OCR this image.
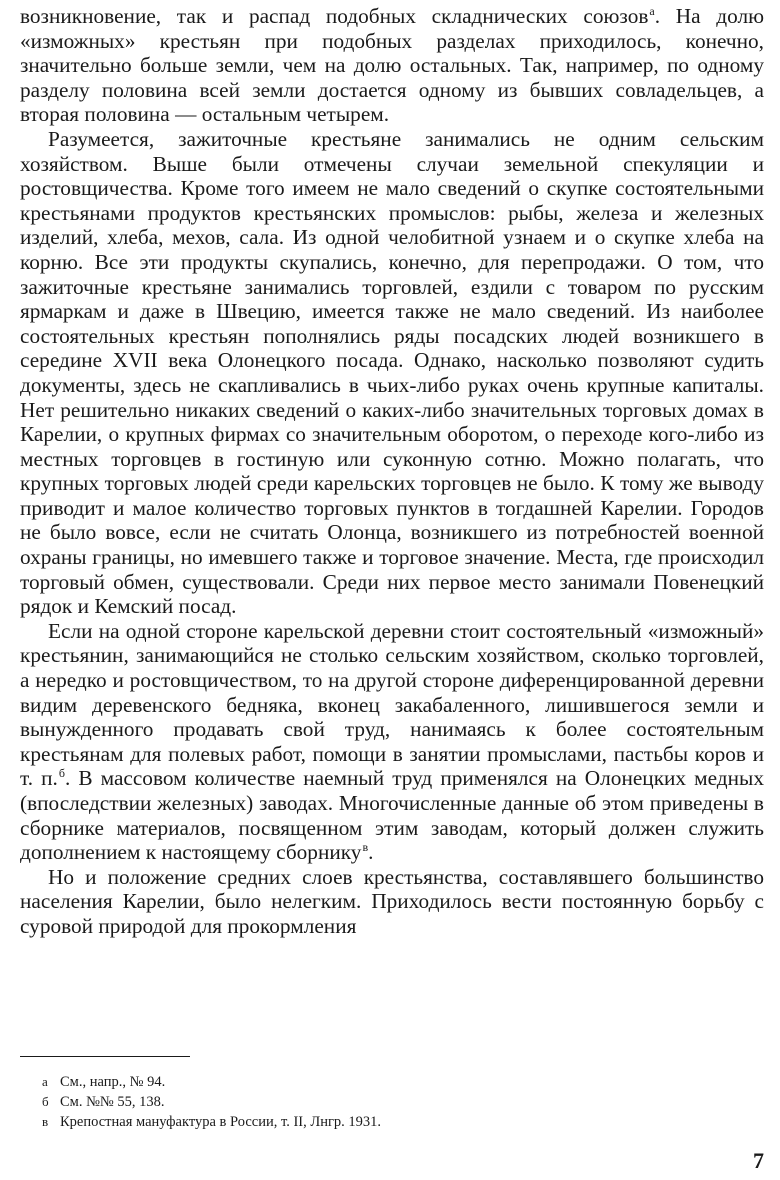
возникновение, так и распад подобных складнических союзов$^а$. На долю «изможных» крестьян при подобных разделах приходилось, конечно, значительно больше земли, чем на долю остальных. Так, например, по одному разделу половина всей земли достается одному из бывших совладельцев, а вторая половина — остальным четырем.

Разумеется, зажиточные крестьяне занимались не одним сельским хозяйством. Выше были отмечены случаи земельной спекуляции и ростовщичества. Кроме того имеем не мало сведений о скупке состоятельными крестьянами продуктов крестьянских промыслов: рыбы, железа и железных изделий, хлеба, мехов, сала. Из одной челобитной узнаем и о скупке хлеба на корню. Все эти продукты скупались, конечно, для перепродажи. О том, что зажиточные крестьяне занимались торговлей, ездили с товаром по русским ярмаркам и даже в Швецию, имеется также не мало сведений. Из наиболее состоятельных крестьян пополнялись ряды посадских людей возникшего в середине XVII века Олонецкого посада. Однако, насколько позволяют судить документы, здесь не скапливались в чьих-либо руках очень крупные капиталы. Нет решительно никаких сведений о каких-либо значительных торговых домах в Карелии, о крупных фирмах со значительным оборотом, о переходе кого-либо из местных торговцев в гостиную или суконную сотню. Можно полагать, что крупных торговых людей среди карельских торговцев не было. К тому же выводу приводит и малое количество торговых пунктов в тогдашней Карелии. Городов не было вовсе, если не считать Олонца, возникшего из потребностей военной охраны границы, но имевшего также и торговое значение. Места, где происходил торговый обмен, существовали. Среди них первое место занимали Повенецкий рядок и Кемский посад.

Если на одной стороне карельской деревни стоит состоятельный «изможный» крестьянин, занимающийся не столько сельским хозяйством, сколько торговлей, а нередко и ростовщичеством, то на другой стороне диференцированной деревни видим деревенского бедняка, вконец закабаленного, лишившегося земли и вынужденного продавать свой труд, нанимаясь к более состоятельным крестьянам для полевых работ, помощи в занятии промыслами, пастьбы коров и т. п.$^б$. В массовом количестве наемный труд применялся на Олонецких медных (впоследствии железных) заводах. Многочисленные данные об этом приведены в сборнике материалов, посвященном этим заводам, который должен служить дополнением к настоящему сборнику$^в$.

Но и положение средних слоев крестьянства, составлявшего большинство населения Карелии, было нелегким. Приходилось вести постоянную борьбу с суровой природой для прокормления

а См., напр., № 94.
б См. №№ 55, 138.
в Крепостная мануфактура в России, т. II, Лнгр. 1931.
7
